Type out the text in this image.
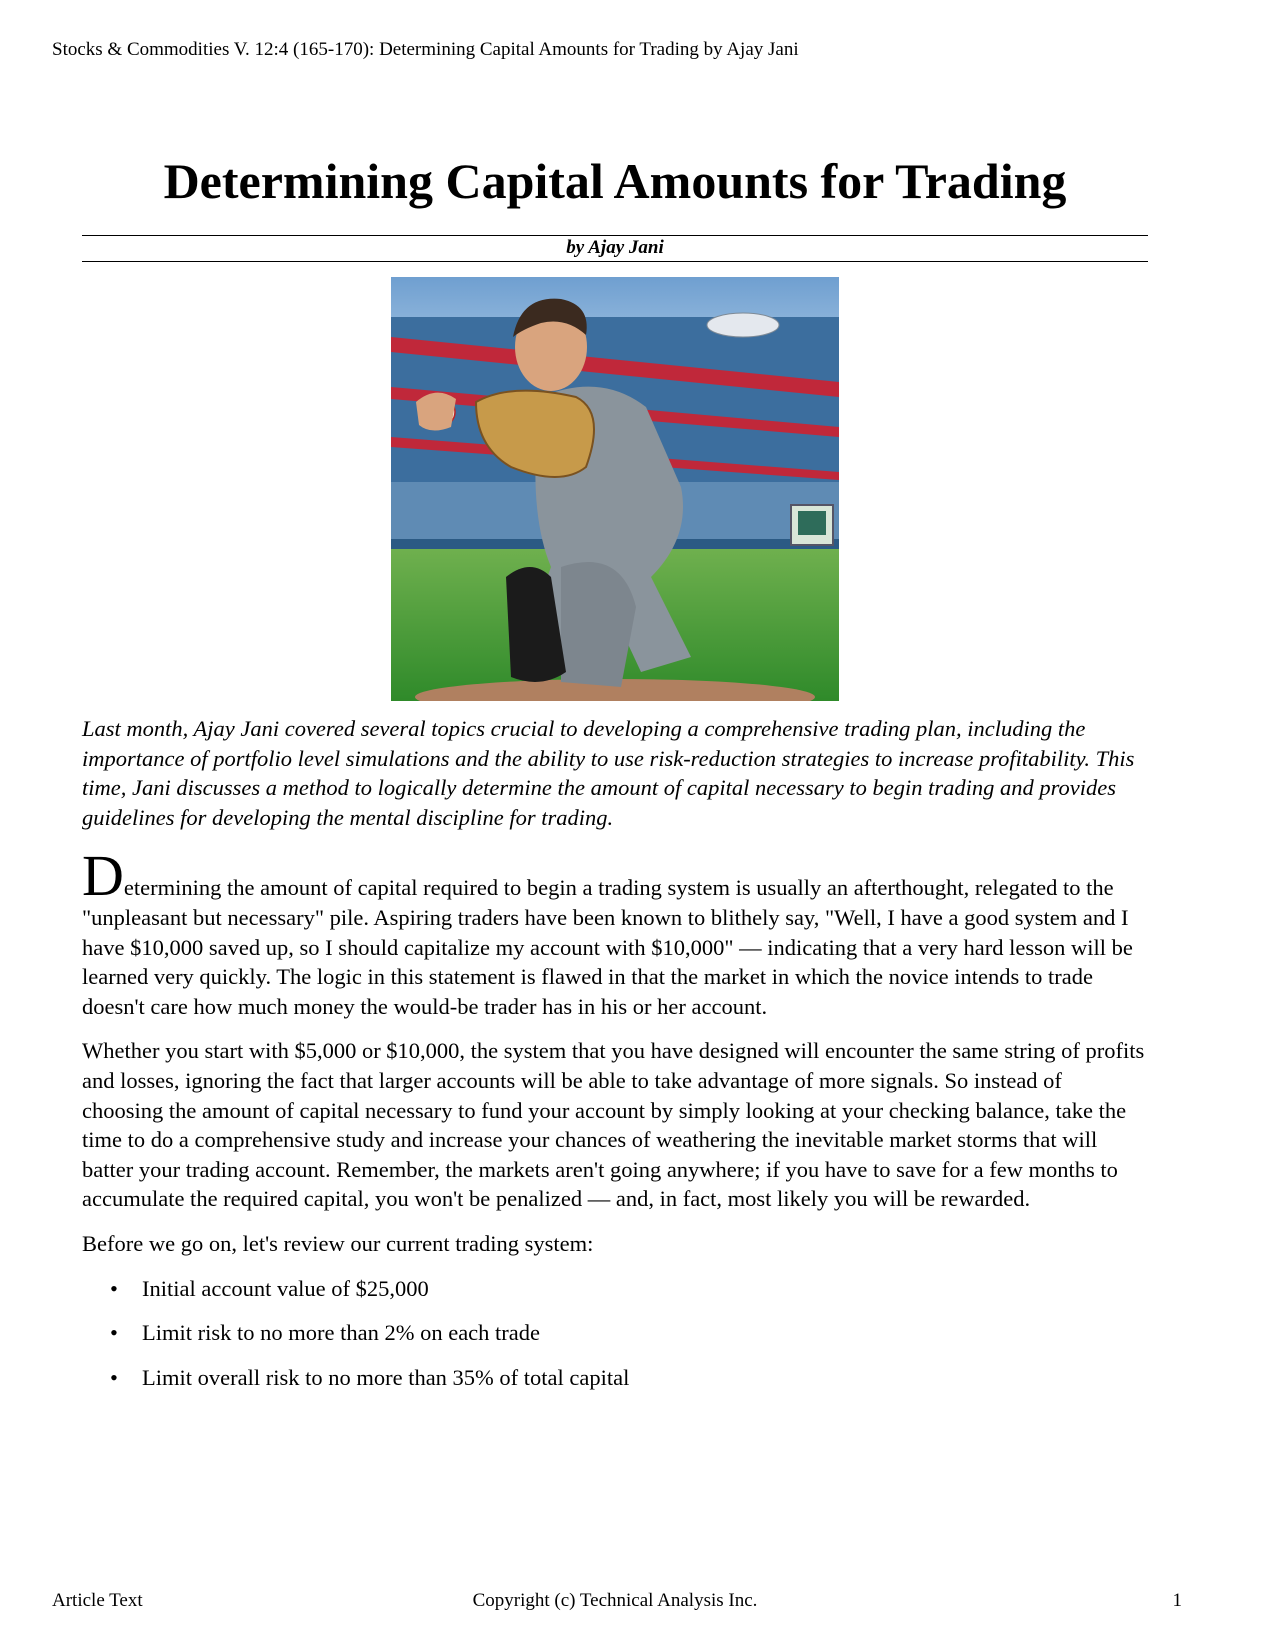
Stocks & Commodities V. 12:4 (165-170): Determining Capital Amounts for Trading by Ajay Jani
Determining Capital Amounts for Trading
by Ajay Jani

Last month, Ajay Jani covered several topics crucial to developing a comprehensive trading plan, including the importance of portfolio level simulations and the ability to use risk-reduction strategies to increase profitability. This time, Jani discusses a method to logically determine the amount of capital necessary to begin trading and provides guidelines for developing the mental discipline for trading.

Determining the amount of capital required to begin a trading system is usually an afterthought, relegated to the "unpleasant but necessary" pile. Aspiring traders have been known to blithely say, "Well, I have a good system and I have $10,000 saved up, so I should capitalize my account with $10,000" — indicating that a very hard lesson will be learned very quickly. The logic in this statement is flawed in that the market in which the novice intends to trade doesn't care how much money the would-be trader has in his or her account.

Whether you start with $5,000 or $10,000, the system that you have designed will encounter the same string of profits and losses, ignoring the fact that larger accounts will be able to take advantage of more signals. So instead of choosing the amount of capital necessary to fund your account by simply looking at your checking balance, take the time to do a comprehensive study and increase your chances of weathering the inevitable market storms that will batter your trading account. Remember, the markets aren't going anywhere; if you have to save for a few months to accumulate the required capital, you won't be penalized — and, in fact, most likely you will be rewarded.

Before we go on, let's review our current trading system:

• Initial account value of $25,000
• Limit risk to no more than 2% on each trade
• Limit overall risk to no more than 35% of total capital
Article Text	Copyright (c) Technical Analysis Inc.	1
